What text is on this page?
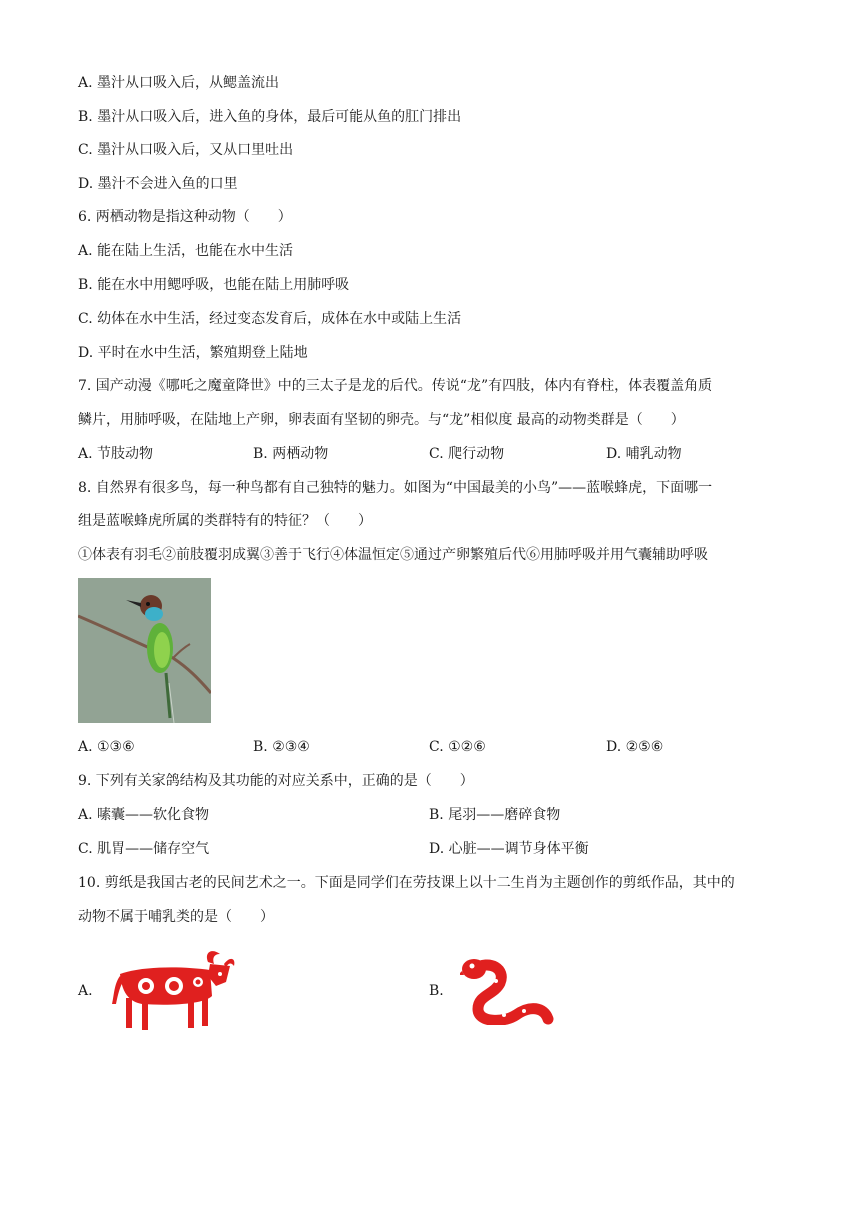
A. 墨汁从口吸入后，从鳃盖流出
B. 墨汁从口吸入后，进入鱼的身体，最后可能从鱼的肛门排出
C. 墨汁从口吸入后，又从口里吐出
D. 墨汁不会进入鱼的口里
6. 两栖动物是指这种动物（　　）
A. 能在陆上生活，也能在水中生活
B. 能在水中用鳃呼吸，也能在陆上用肺呼吸
C. 幼体在水中生活，经过变态发育后，成体在水中或陆上生活
D. 平时在水中生活，繁殖期登上陆地
7. 国产动漫《哪吒之魔童降世》中的三太子是龙的后代。传说“龙”有四肢，体内有脊柱，体表覆盖角质
鳞片，用肺呼吸，在陆地上产卵，卵表面有坚韧的卵壳。与“龙”相似度 最高的动物类群是（　　）
A. 节肢动物	B. 两栖动物	C. 爬行动物	D. 哺乳动物
8. 自然界有很多鸟，每一种鸟都有自己独特的魅力。如图为“中国最美的小鸟”——蓝喉蜂虎，下面哪一
组是蓝喉蜂虎所属的类群特有的特征？（　　）
①体表有羽毛②前肢覆羽成翼③善于飞行④体温恒定⑤通过产卵繁殖后代⑥用肺呼吸并用气囊辅助呼吸
A. ①③⑥	B. ②③④	C. ①②⑥	D. ②⑤⑥
9. 下列有关家鸽结构及其功能的对应关系中，正确的是（　　）
A. 嗉囊——软化食物	B. 尾羽——磨碎食物
C. 肌胃——储存空气	D. 心脏——调节身体平衡
10. 剪纸是我国古老的民间艺术之一。下面是同学们在劳技课上以十二生肖为主题创作的剪纸作品，其中的
动物不属于哺乳类的是（　　）
A.	B.
